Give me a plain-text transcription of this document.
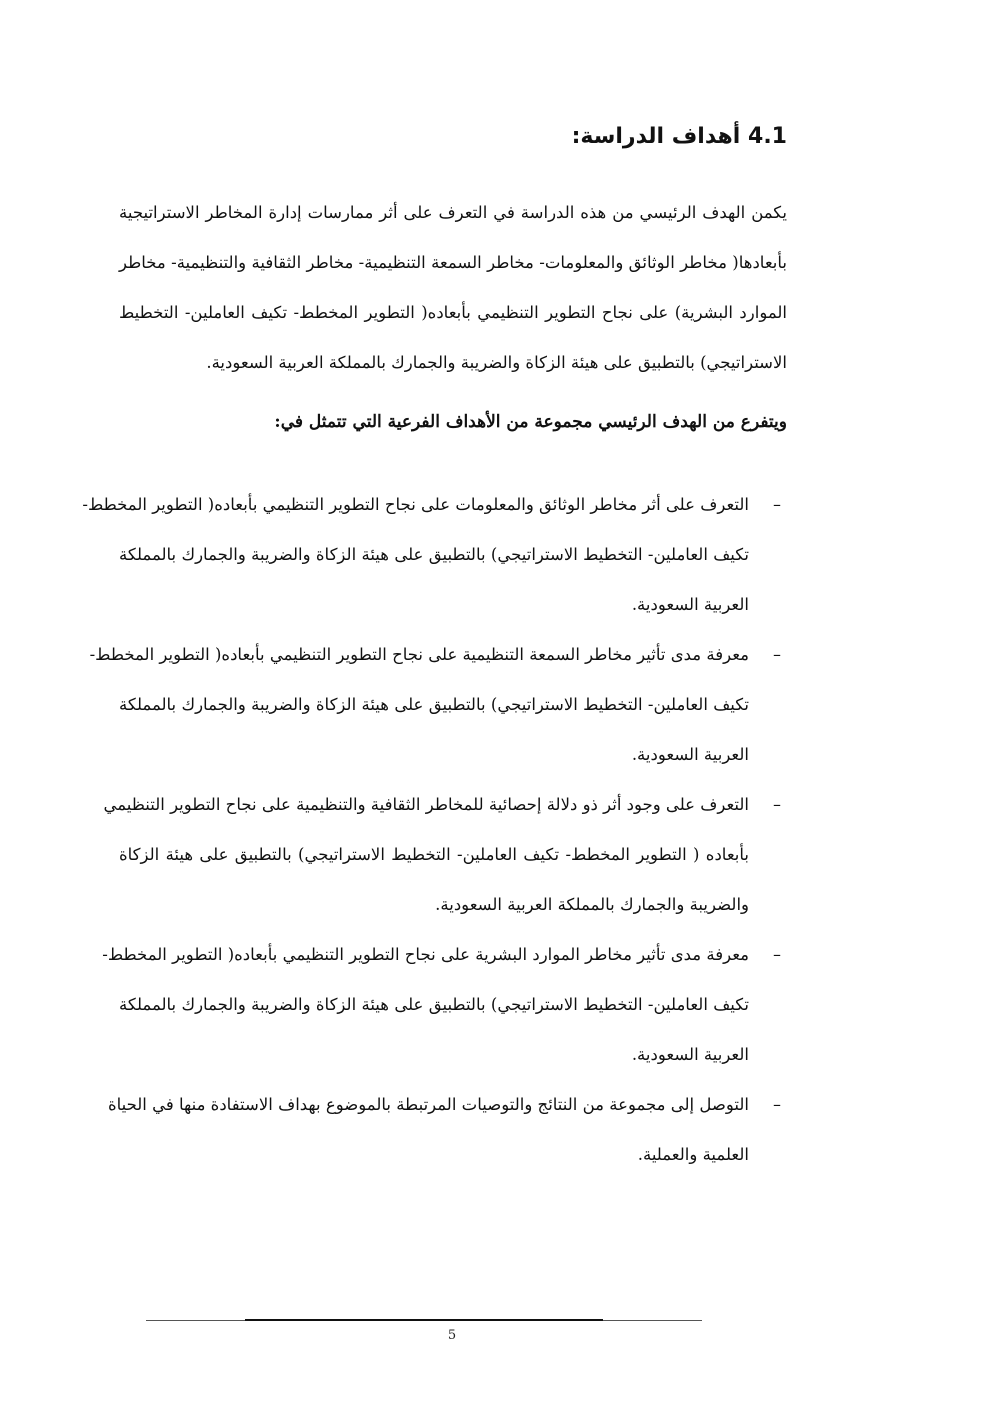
4.1 أهداف الدراسة:
يكمن الهدف الرئيسي من هذه الدراسة في التعرف على أثر ممارسات إدارة المخاطر الاستراتيجية
بأبعادها( مخاطر الوثائق والمعلومات- مخاطر السمعة التنظيمية- مخاطر الثقافية والتنظيمية- مخاطر
الموارد البشرية) على نجاح التطوير التنظيمي بأبعاده( التطوير المخطط- تكيف العاملين- التخطيط
الاستراتيجي) بالتطبيق على هيئة الزكاة والضريبة والجمارك بالمملكة العربية السعودية.
ويتفرع من الهدف الرئيسي مجموعة من الأهداف الفرعية التي تتمثل في:
–
التعرف على أثر مخاطر الوثائق والمعلومات على نجاح التطوير التنظيمي بأبعاده( التطوير المخطط-
تكيف العاملين- التخطيط الاستراتيجي) بالتطبيق على هيئة الزكاة والضريبة والجمارك بالمملكة
العربية السعودية.
–
معرفة مدى تأثير مخاطر السمعة التنظيمية على نجاح التطوير التنظيمي بأبعاده( التطوير المخطط-
تكيف العاملين- التخطيط الاستراتيجي) بالتطبيق على هيئة الزكاة والضريبة والجمارك بالمملكة
العربية السعودية.
–
التعرف على وجود أثر ذو دلالة إحصائية للمخاطر الثقافية والتنظيمية على نجاح التطوير التنظيمي
بأبعاده ( التطوير المخطط- تكيف العاملين- التخطيط الاستراتيجي) بالتطبيق على هيئة الزكاة
والضريبة والجمارك بالمملكة العربية السعودية.
–
معرفة مدى تأثير مخاطر الموارد البشرية على نجاح التطوير التنظيمي بأبعاده( التطوير المخطط-
تكيف العاملين- التخطيط الاستراتيجي) بالتطبيق على هيئة الزكاة والضريبة والجمارك بالمملكة
العربية السعودية.
–
التوصل إلى مجموعة من النتائج والتوصيات المرتبطة بالموضوع بهداف الاستفادة منها في الحياة
العلمية والعملية.
5
